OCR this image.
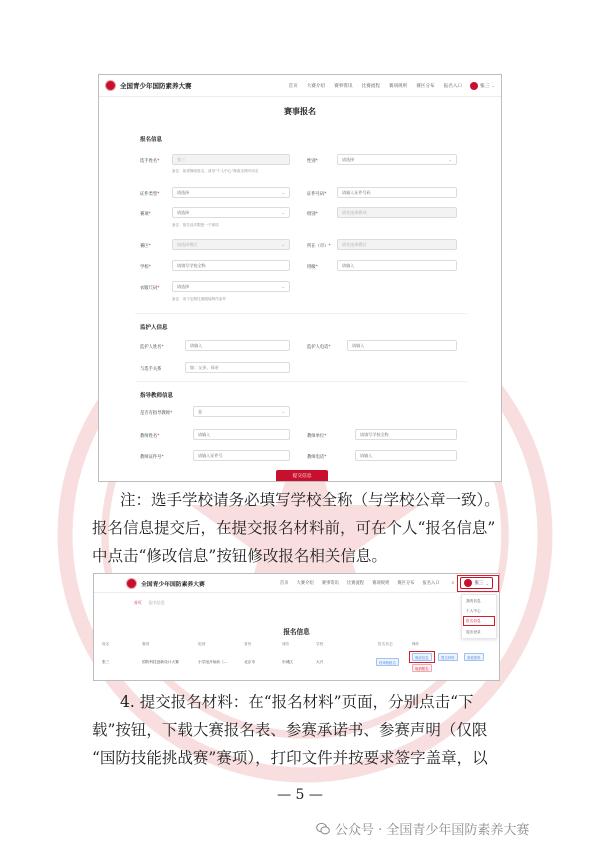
全国青少年国防素养大赛	首页 大赛介绍 赛事资讯 比赛流程 赛项规则 赛区分布 报名入口	张三 ⌄
赛事报名
报名信息
选手姓名*	张三
备注：如需修改姓名，请至“个人中心”修改全网可用名
性别*	请选择	⌄
证件类型*	请选择	⌄	证件号码*	请输入证件号码
赛项*	请选择	⌄
备注：报名选手限报一个赛项
组别*	请先选择赛项
赛区*	请选择赛区	⌄	所在（市）*	请先选择赛区
学校*	请填写学校全称	班级*	请输入
衣服尺码*	请选择	⌄
备注：用于定制比赛服装制作参考
监护人信息
监护人姓名*	请输入	监护人电话*	请输入
与选手关系	如：父亲、母亲
指导教师信息
是否有指导教师*	是	⌄
教师姓名*	请输入	教师单位*	请填写学校全称
教师证件号*	请输入证件号	教师电话*	请输入
提交信息
注：选手学校请务必填写学校全称（与学校公章一致）。
报名信息提交后，在提交报名材料前，可在个人“报名信息”
中点击“修改信息”按钮修改报名相关信息。
全国青少年国防素养大赛	首页 大赛介绍 赛事资讯 比赛流程 赛项规则 赛区分布 报名入口 ⌕	张三 ⌄
首页 报名信息
报名信息
姓名	赛项	组别	省份	城市	学校	报名状态	操作
张三	国防科技创新设计大赛	小学组开始前（...	北京市	东城区	大兴	待审核报名
修改信息	提交材料	查看资料
取消报名
我的信息
个人中心
报名信息
退出登录
4. 提交报名材料：在“报名材料”页面，分别点击“下
载”按钮，下载大赛报名表、参赛承诺书、参赛声明（仅限
“国防技能挑战赛”赛项），打印文件并按要求签字盖章，以
— 5 —
公众号 · 全国青少年国防素养大赛
